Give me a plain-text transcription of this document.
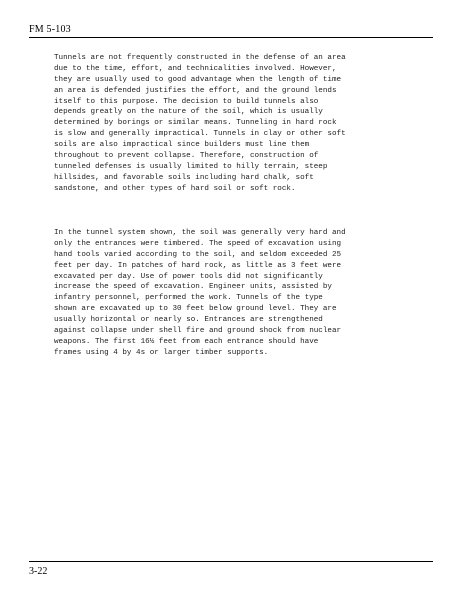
FM 5-103
Tunnels are not frequently constructed in the defense of an area
due to the time, effort, and technicalities involved. However,
they are usually used to good advantage when the length of time
an area is defended justifies the effort, and the ground lends
itself to this purpose. The decision to build tunnels also
depends greatly on the nature of the soil, which is usually
determined by borings or similar means. Tunneling in hard rock
is slow and generally impractical. Tunnels in clay or other soft
soils are also impractical since builders must line them
throughout to prevent collapse. Therefore, construction of
tunneled defenses is usually limited to hilly terrain, steep
hillsides, and favorable soils including hard chalk, soft
sandstone, and other types of hard soil or soft rock.
In the tunnel system shown, the soil was generally very hard and
only the entrances were timbered. The speed of excavation using
hand tools varied according to the soil, and seldom exceeded 25
feet per day. In patches of hard rock, as little as 3 feet were
excavated per day. Use of power tools did not significantly
increase the speed of excavation. Engineer units, assisted by
infantry personnel, performed the work. Tunnels of the type
shown are excavated up to 30 feet below ground level. They are
usually horizontal or nearly so. Entrances are strengthened
against collapse under shell fire and ground shock from nuclear
weapons. The first 16½ feet from each entrance should have
frames using 4 by 4s or larger timber supports.
3-22
